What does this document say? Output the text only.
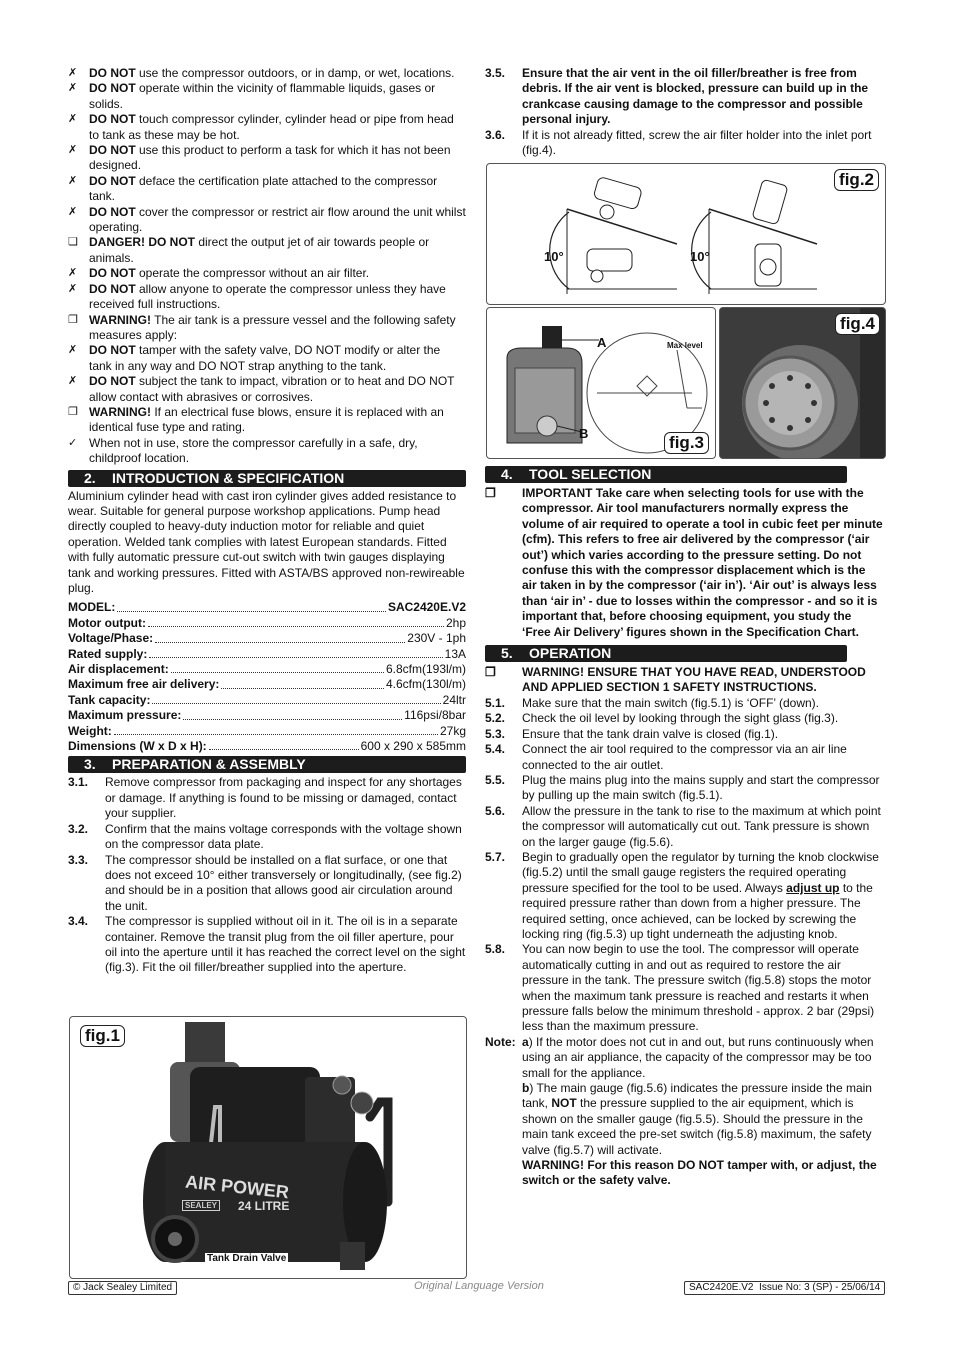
✗ DO NOT use the compressor outdoors, or in damp, or wet, locations.
✗ DO NOT operate within the vicinity of flammable liquids, gases or solids.
✗ DO NOT touch compressor cylinder, cylinder head or pipe from head to tank as these may be hot.
✗ DO NOT use this product to perform a task for which it has not been designed.
✗ DO NOT deface the certification plate attached to the compressor tank.
✗ DO NOT cover the compressor or restrict air flow around the unit whilst operating.
❏ DANGER! DO NOT direct the output jet of air towards people or animals.
✗ DO NOT operate the compressor without an air filter.
✗ DO NOT allow anyone to operate the compressor unless they have received full instructions.
❐ WARNING! The air tank is a pressure vessel and the following safety measures apply:
✗ DO NOT tamper with the safety valve, DO NOT modify or alter the tank in any way and DO NOT strap anything to the tank.
✗ DO NOT subject the tank to impact, vibration or to heat and DO NOT allow contact with abrasives or corrosives.
❐ WARNING! If an electrical fuse blows, ensure it is replaced with an identical fuse type and rating.
✓ When not in use, store the compressor carefully in a safe, dry, childproof location.
2. INTRODUCTION & SPECIFICATION
Aluminium cylinder head with cast iron cylinder gives added resistance to wear. Suitable for general purpose workshop applications. Pump head directly coupled to heavy-duty induction motor for reliable and quiet operation. Welded tank complies with latest European standards. Fitted with fully automatic pressure cut-out switch with twin gauges displaying tank and working pressures. Fitted with ASTA/BS approved non-rewireable plug.
MODEL:	SAC2420E.V2
Motor output:	2hp
Voltage/Phase:	230V - 1ph
Rated supply:	13A
Air displacement:	6.8cfm(193l/m)
Maximum free air delivery:	4.6cfm(130l/m)
Tank capacity:	24ltr
Maximum pressure:	116psi/8bar
Weight:	27kg
Dimensions (W x D x H):	600 x 290 x 585mm
3. PREPARATION & ASSEMBLY
3.1. Remove compressor from packaging and inspect for any shortages or damage. If anything is found to be missing or damaged, contact your supplier.
3.2. Confirm that the mains voltage corresponds with the voltage shown on the compressor data plate.
3.3. The compressor should be installed on a flat surface, or one that does not exceed 10° either transversely or longitudinally, (see fig.2) and should be in a position that allows good air circulation around the unit.
3.4. The compressor is supplied without oil in it. The oil is in a separate container. Remove the transit plug from the oil filler aperture, pour oil into the aperture until it has reached the correct level on the sight (fig.3). Fit the oil filler/breather supplied into the aperture.
fig.1
AIR POWER
SEALEY 24 LITRE
Tank Drain Valve
3.5. Ensure that the air vent in the oil filler/breather is free from debris. If the air vent is blocked, pressure can build up in the crankcase causing damage to the compressor and possible personal injury.
3.6. If it is not already fitted, screw the air filter holder into the inlet port (fig.4).
fig.2
10°	10°
A
B
Max level
fig.3
fig.4
4. TOOL SELECTION
❐ IMPORTANT Take care when selecting tools for use with the compressor. Air tool manufacturers normally express the volume of air required to operate a tool in cubic feet per minute (cfm). This refers to free air delivered by the compressor (‘air out’) which varies according to the pressure setting. Do not confuse this with the compressor displacement which is the air taken in by the compressor (‘air in’). ‘Air out’ is always less than ‘air in’ - due to losses within the compressor - and so it is important that, before choosing equipment, you study the ‘Free Air Delivery’ figures shown in the Specification Chart.
5. OPERATION
❐ WARNING! ENSURE THAT YOU HAVE READ, UNDERSTOOD AND APPLIED SECTION 1 SAFETY INSTRUCTIONS.
5.1. Make sure that the main switch (fig.5.1) is ‘OFF’ (down).
5.2. Check the oil level by looking through the sight glass (fig.3).
5.3. Ensure that the tank drain valve is closed (fig.1).
5.4. Connect the air tool required to the compressor via an air line connected to the air outlet.
5.5. Plug the mains plug into the mains supply and start the compressor by pulling up the main switch (fig.5.1).
5.6. Allow the pressure in the tank to rise to the maximum at which point the compressor will automatically cut out. Tank pressure is shown on the larger gauge (fig.5.6).
5.7. Begin to gradually open the regulator by turning the knob clockwise (fig.5.2) until the small gauge registers the required operating pressure specified for the tool to be used. Always adjust up to the required pressure rather than down from a higher pressure. The required setting, once achieved, can be locked by screwing the locking ring (fig.5.3) up tight underneath the adjusting knob.
5.8. You can now begin to use the tool. The compressor will operate automatically cutting in and out as required to restore the air pressure in the tank. The pressure switch (fig.5.8) stops the motor when the maximum tank pressure is reached and restarts it when pressure falls below the minimum threshold - approx. 2 bar (29psi) less than the maximum pressure.
Note: a) If the motor does not cut in and out, but runs continuously when using an air appliance, the capacity of the compressor may be too small for the appliance.
b) The main gauge (fig.5.6) indicates the pressure inside the main tank, NOT the pressure supplied to the air equipment, which is shown on the smaller gauge (fig.5.5). Should the pressure in the main tank exceed the pre-set switch (fig.5.8) maximum, the safety valve (fig.5.7) will activate.
WARNING! For this reason DO NOT tamper with, or adjust, the switch or the safety valve.
© Jack Sealey Limited	Original Language Version	SAC2420E.V2  Issue No: 3 (SP) - 25/06/14
